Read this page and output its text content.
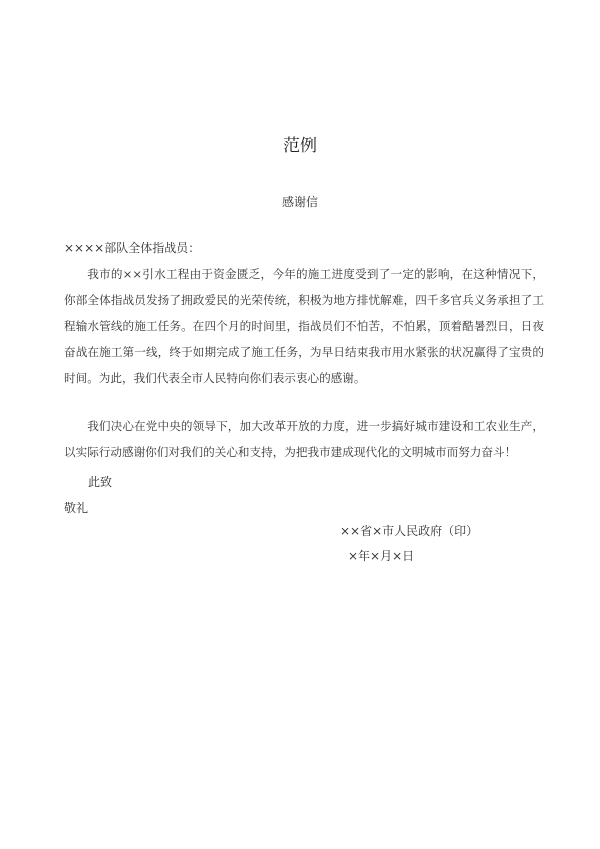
范例
感谢信
××××部队全体指战员：

我市的××引水工程由于资金匮乏，今年的施工进度受到了一定的影响，在这种情况下，你部全体指战员发扬了拥政爱民的光荣传统，积极为地方排忧解难，四千多官兵义务承担了工程输水管线的施工任务。在四个月的时间里，指战员们不怕苦，不怕累，顶着酷暑烈日，日夜奋战在施工第一线，终于如期完成了施工任务，为早日结束我市用水紧张的状况赢得了宝贵的时间。为此，我们代表全市人民特向你们表示衷心的感谢。

我们决心在党中央的领导下，加大改革开放的力度，进一步搞好城市建设和工农业生产，以实际行动感谢你们对我们的关心和支持，为把我市建成现代化的文明城市而努力奋斗！

此致
敬礼
××省×市人民政府（印）
×年×月×日
